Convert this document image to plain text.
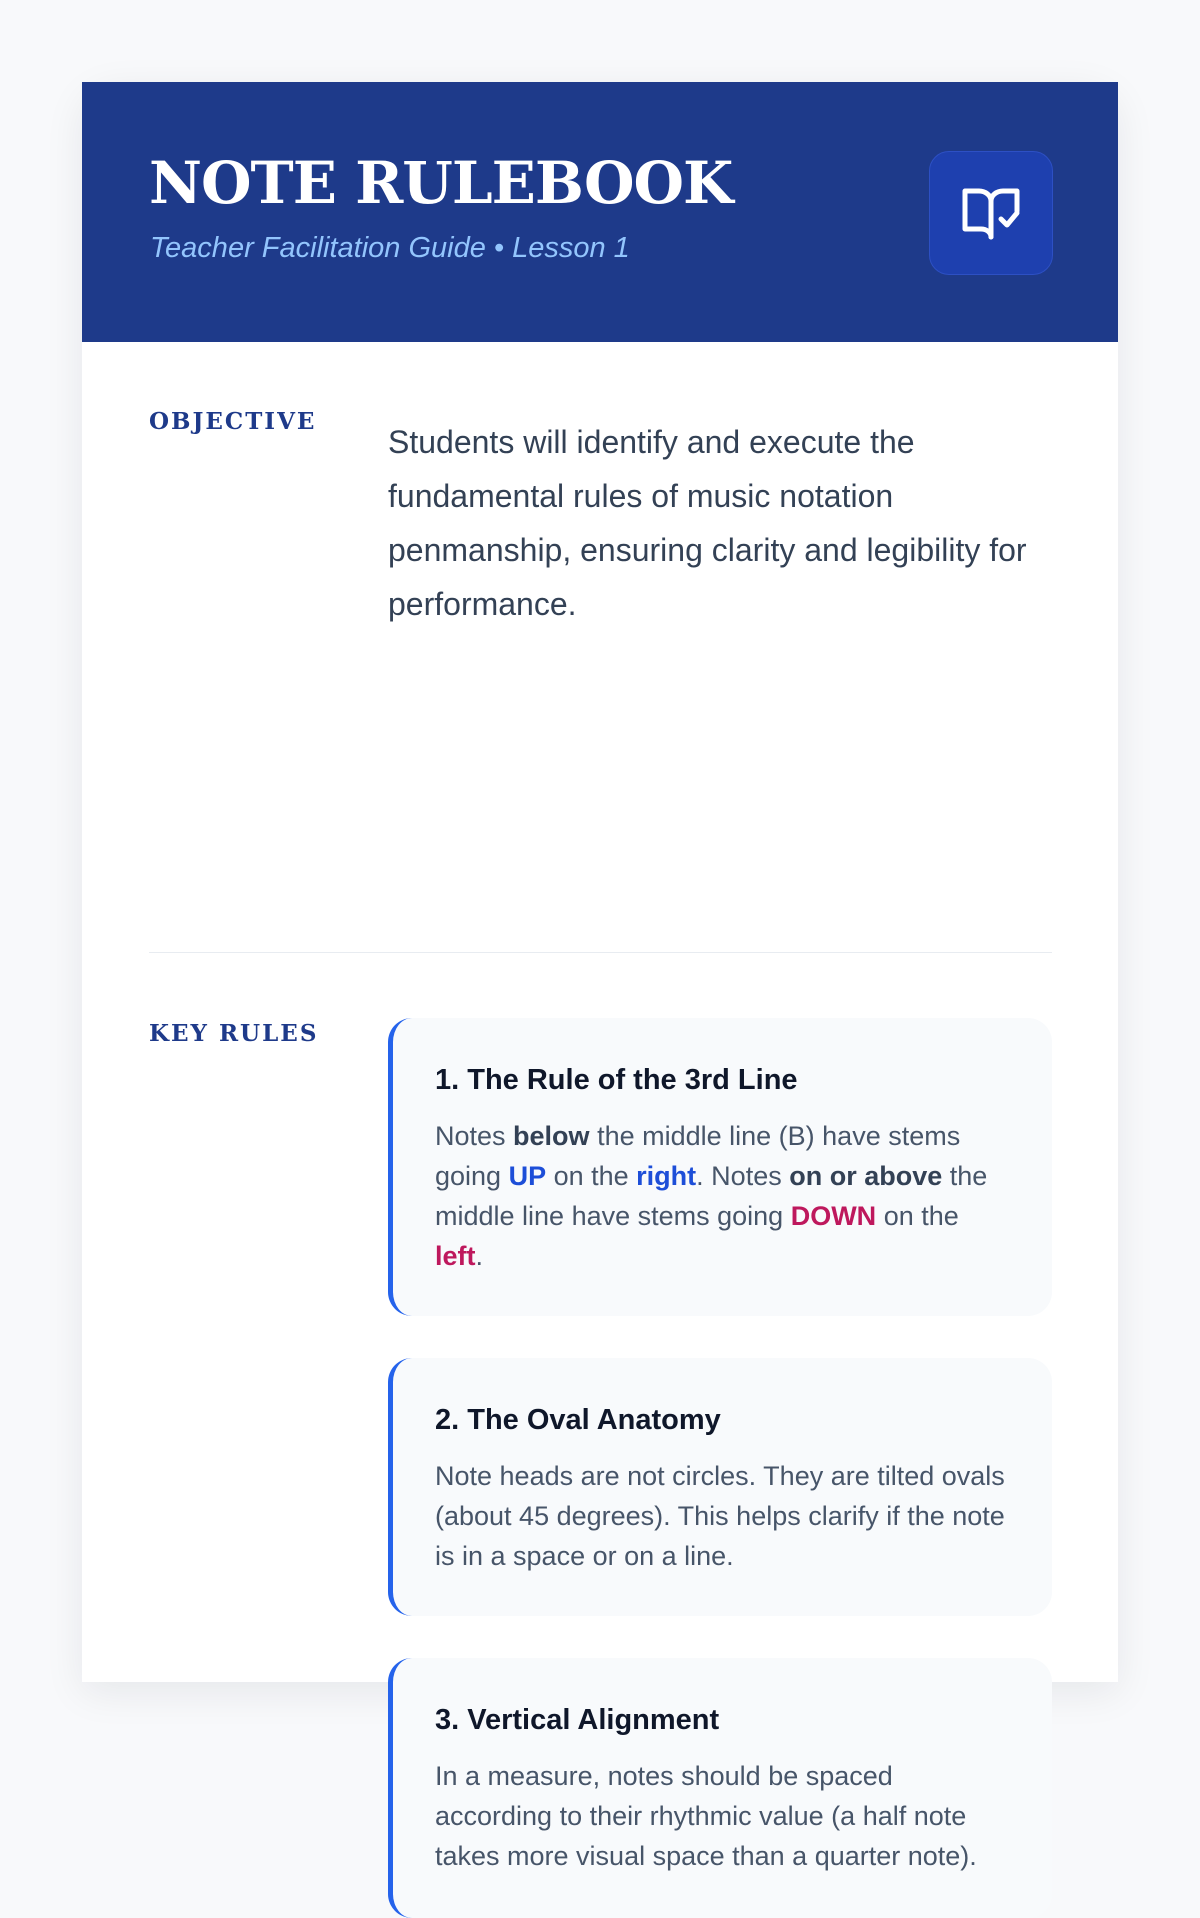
NOTE RULEBOOK
Teacher Facilitation Guide • Lesson 1
OBJECTIVE
Students will identify and execute the fundamental rules of music notation penmanship, ensuring clarity and legibility for performance.
KEY RULES
1. The Rule of the 3rd Line
Notes below the middle line (B) have stems going UP on the right. Notes on or above the middle line have stems going DOWN on the left.
2. The Oval Anatomy
Note heads are not circles. They are tilted ovals (about 45 degrees). This helps clarify if the note is in a space or on a line.
3. Vertical Alignment
In a measure, notes should be spaced according to their rhythmic value (a half note takes more visual space than a quarter note).
